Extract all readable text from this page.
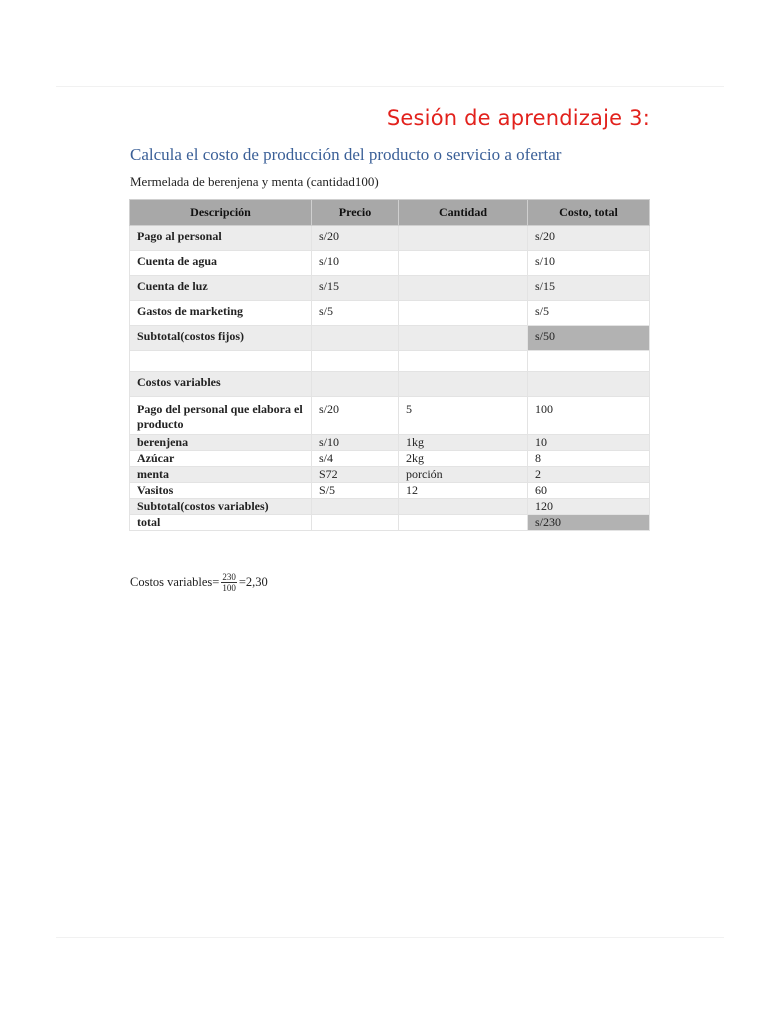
Sesión de aprendizaje 3:
Calcula el costo de producción del producto o servicio a ofertar
Mermelada de berenjena y menta (cantidad100)
Descripción	Precio	Cantidad	Costo, total
Pago al personal	s/20		s/20
Cuenta de agua	s/10		s/10
Cuenta de luz	s/15		s/15
Gastos de marketing	s/5		s/5
Subtotal(costos fijos)			s/50

Costos variables			
Pago del personal que elabora el producto	s/20	5	100
berenjena	s/10	1kg	10
Azúcar	s/4	2kg	8
menta	S72	porción	2
Vasitos	S/5	12	60
Subtotal(costos variables)			120
total			s/230
Costos variables= $\frac{230}{100} =2,30$
